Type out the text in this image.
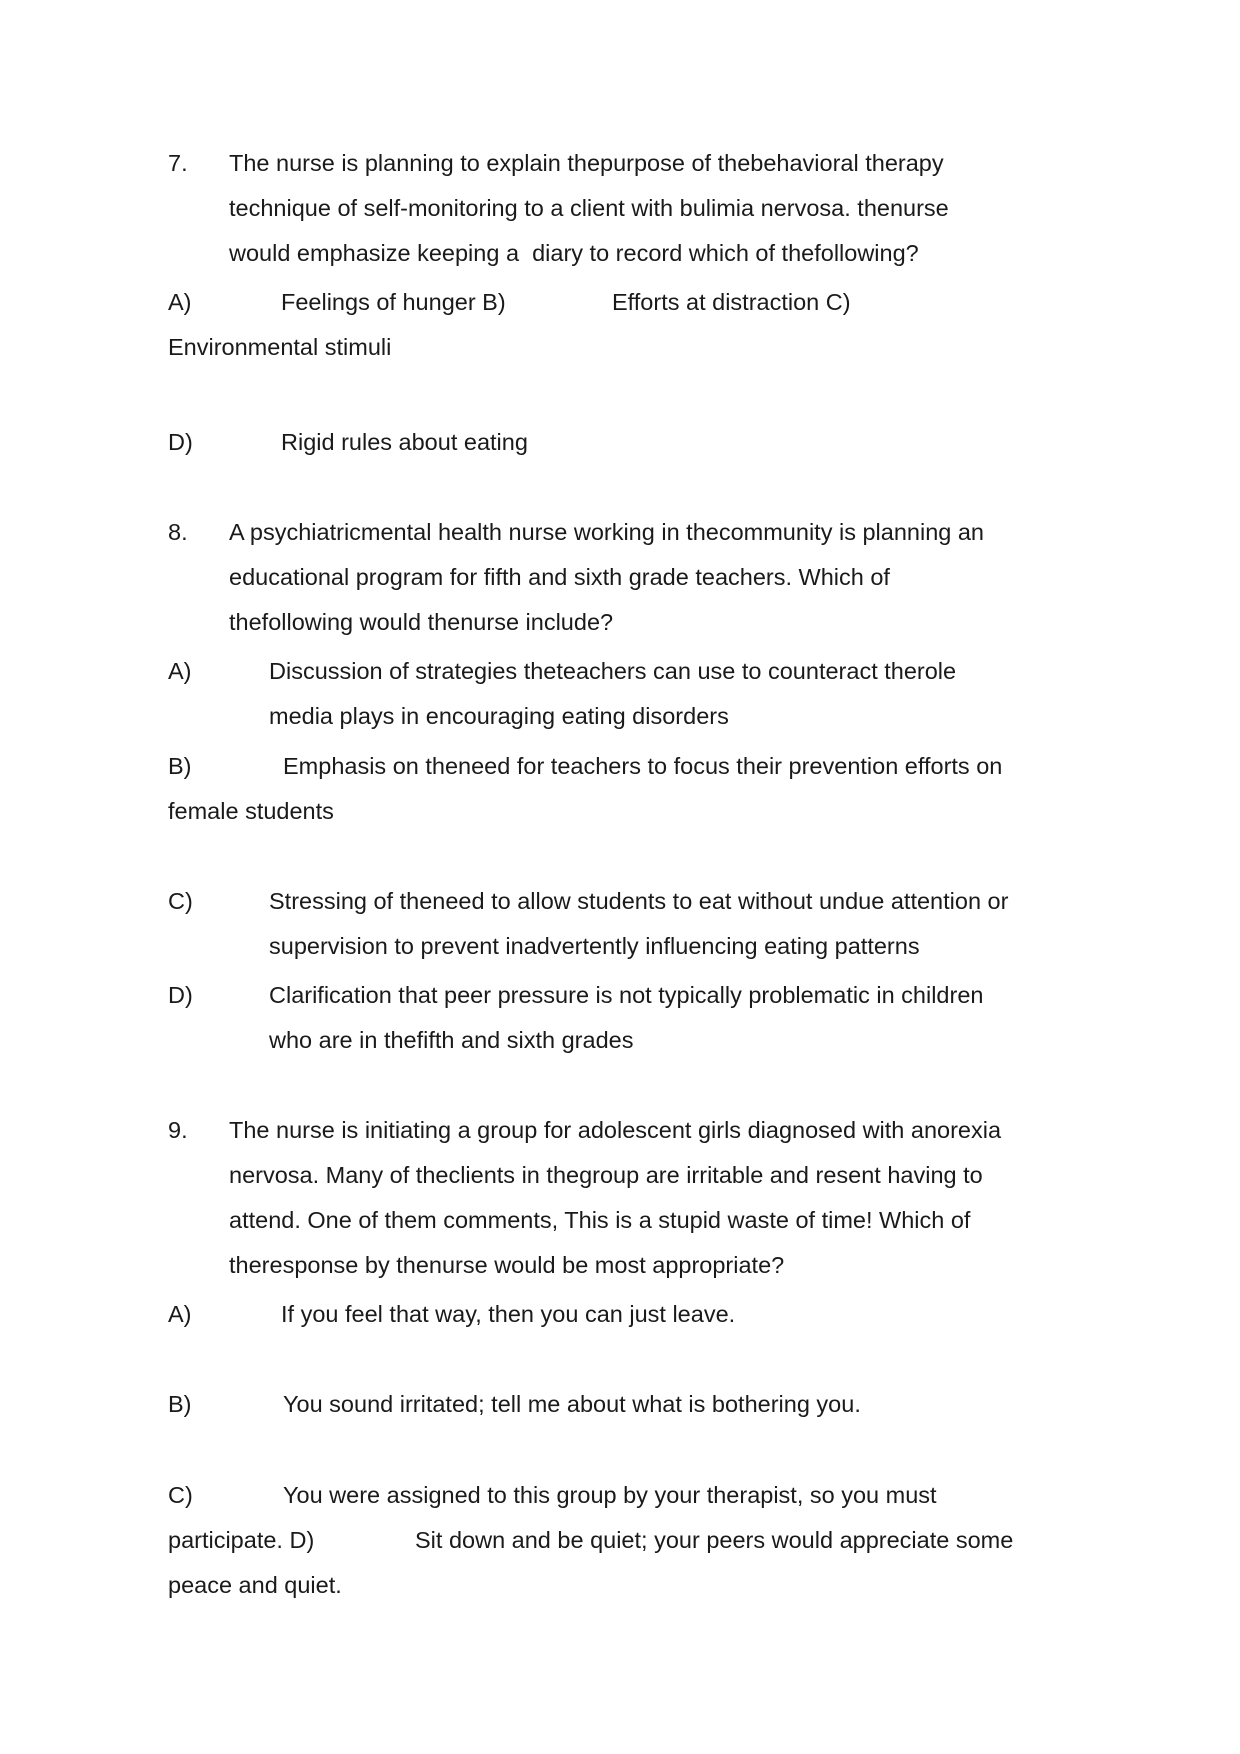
7. The nurse is planning to explain thepurpose of thebehavioral therapy
technique of self-monitoring to a client with bulimia nervosa. thenurse
would emphasize keeping a  diary to record which of thefollowing?
A)	Feelings of hunger B)	Efforts at distraction C)
Environmental stimuli
D)	Rigid rules about eating
8. A psychiatricmental health nurse working in thecommunity is planning an
educational program for fifth and sixth grade teachers. Which of
thefollowing would thenurse include?
A)	Discussion of strategies theteachers can use to counteract therole
media plays in encouraging eating disorders
B)	Emphasis on theneed for teachers to focus their prevention efforts on
female students
C)	Stressing of theneed to allow students to eat without undue attention or
supervision to prevent inadvertently influencing eating patterns
D)	Clarification that peer pressure is not typically problematic in children
who are in thefifth and sixth grades
9. The nurse is initiating a group for adolescent girls diagnosed with anorexia
nervosa. Many of theclients in thegroup are irritable and resent having to
attend. One of them comments, This is a stupid waste of time! Which of
theresponse by thenurse would be most appropriate?
A)	If you feel that way, then you can just leave.
B)	You sound irritated; tell me about what is bothering you.
C)	You were assigned to this group by your therapist, so you must
participate. D)	Sit down and be quiet; your peers would appreciate some
peace and quiet.
